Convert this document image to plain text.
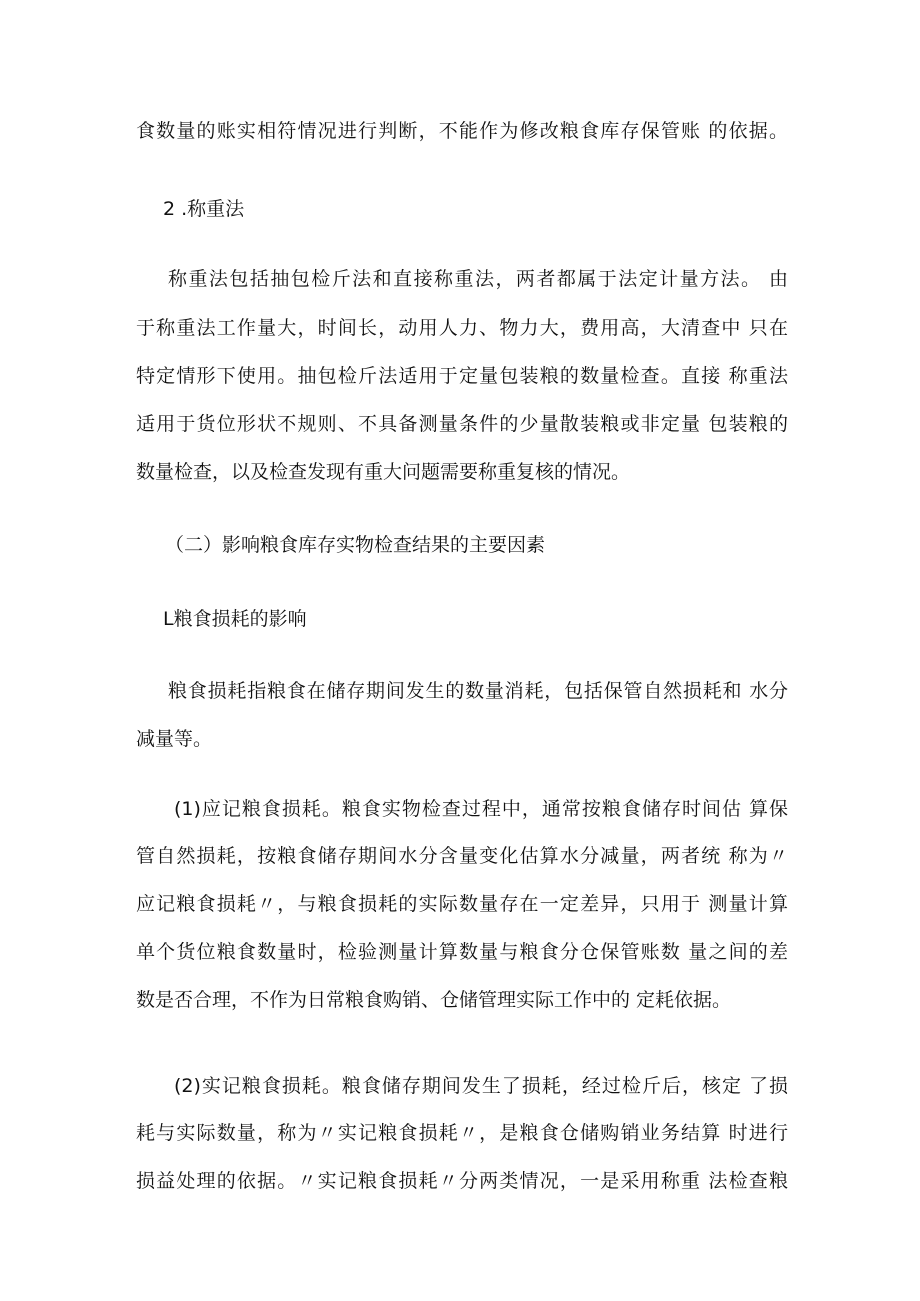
食数量的账实相符情况进行判断，不能作为修改粮食库存保管账 的依据。
2 .称重法
称重法包括抽包检斤法和直接称重法，两者都属于法定计量方法。 由
于称重法工作量大，时间长，动用人力、物力大，费用高，大清查中 只在
特定情形下使用。抽包检斤法适用于定量包装粮的数量检查。直接 称重法
适用于货位形状不规则、不具备测量条件的少量散装粮或非定量 包装粮的
数量检查，以及检查发现有重大问题需要称重复核的情况。
（二）影响粮食库存实物检查结果的主要因素
L粮食损耗的影响
粮食损耗指粮食在储存期间发生的数量消耗，包括保管自然损耗和 水分
减量等。
(1)应记粮食损耗。粮食实物检查过程中，通常按粮食储存时间估 算保
管自然损耗，按粮食储存期间水分含量变化估算水分减量，两者统 称为〃
应记粮食损耗〃，与粮食损耗的实际数量存在一定差异，只用于 测量计算
单个货位粮食数量时，检验测量计算数量与粮食分仓保管账数 量之间的差
数是否合理，不作为日常粮食购销、仓储管理实际工作中的 定耗依据。
(2)实记粮食损耗。粮食储存期间发生了损耗，经过检斤后，核定 了损
耗与实际数量，称为〃实记粮食损耗〃，是粮食仓储购销业务结算 时进行
损益处理的依据。〃实记粮食损耗〃分两类情况，一是采用称重 法检查粮
